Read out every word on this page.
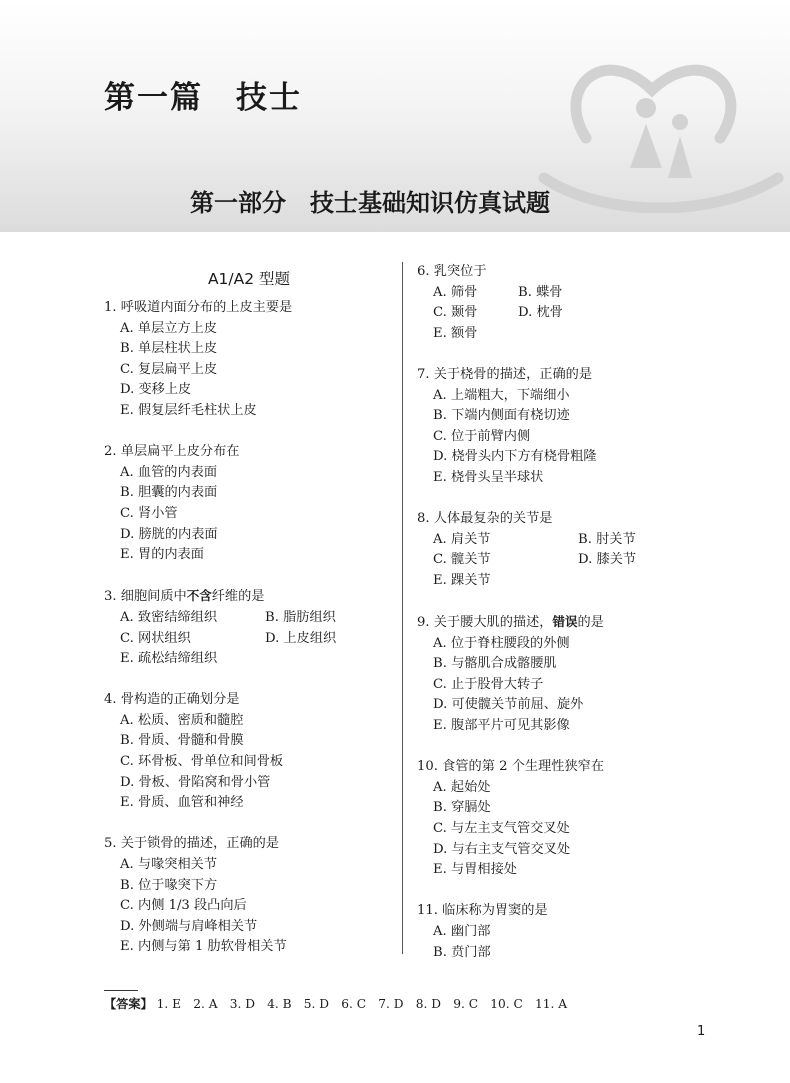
第一篇　技士
第一部分　技士基础知识仿真试题
A1/A2 型题
1. 呼吸道内面分布的上皮主要是
A. 单层立方上皮
B. 单层柱状上皮
C. 复层扁平上皮
D. 变移上皮
E. 假复层纤毛柱状上皮
2. 单层扁平上皮分布在
A. 血管的内表面
B. 胆囊的内表面
C. 肾小管
D. 膀胱的内表面
E. 胃的内表面
3. 细胞间质中不含纤维的是
A. 致密结缔组织	B. 脂肪组织
C. 网状组织	D. 上皮组织
E. 疏松结缔组织
4. 骨构造的正确划分是
A. 松质、密质和髓腔
B. 骨质、骨髓和骨膜
C. 环骨板、骨单位和间骨板
D. 骨板、骨陷窝和骨小管
E. 骨质、血管和神经
5. 关于锁骨的描述，正确的是
A. 与喙突相关节
B. 位于喙突下方
C. 内侧 1/3 段凸向后
D. 外侧端与肩峰相关节
E. 内侧与第 1 肋软骨相关节
6. 乳突位于
A. 筛骨	B. 蝶骨
C. 颞骨	D. 枕骨
E. 额骨
7. 关于桡骨的描述，正确的是
A. 上端粗大，下端细小
B. 下端内侧面有桡切迹
C. 位于前臂内侧
D. 桡骨头内下方有桡骨粗隆
E. 桡骨头呈半球状
8. 人体最复杂的关节是
A. 肩关节	B. 肘关节
C. 髋关节	D. 膝关节
E. 踝关节
9. 关于腰大肌的描述，错误的是
A. 位于脊柱腰段的外侧
B. 与髂肌合成髂腰肌
C. 止于股骨大转子
D. 可使髋关节前屈、旋外
E. 腹部平片可见其影像
10. 食管的第 2 个生理性狭窄在
A. 起始处
B. 穿膈处
C. 与左主支气管交叉处
D. 与右主支气管交叉处
E. 与胃相接处
11. 临床称为胃窦的是
A. 幽门部
B. 贲门部
【答案】 1. E　2. A　3. D　4. B　5. D　6. C　7. D　8. D　9. C　10. C　11. A
1
